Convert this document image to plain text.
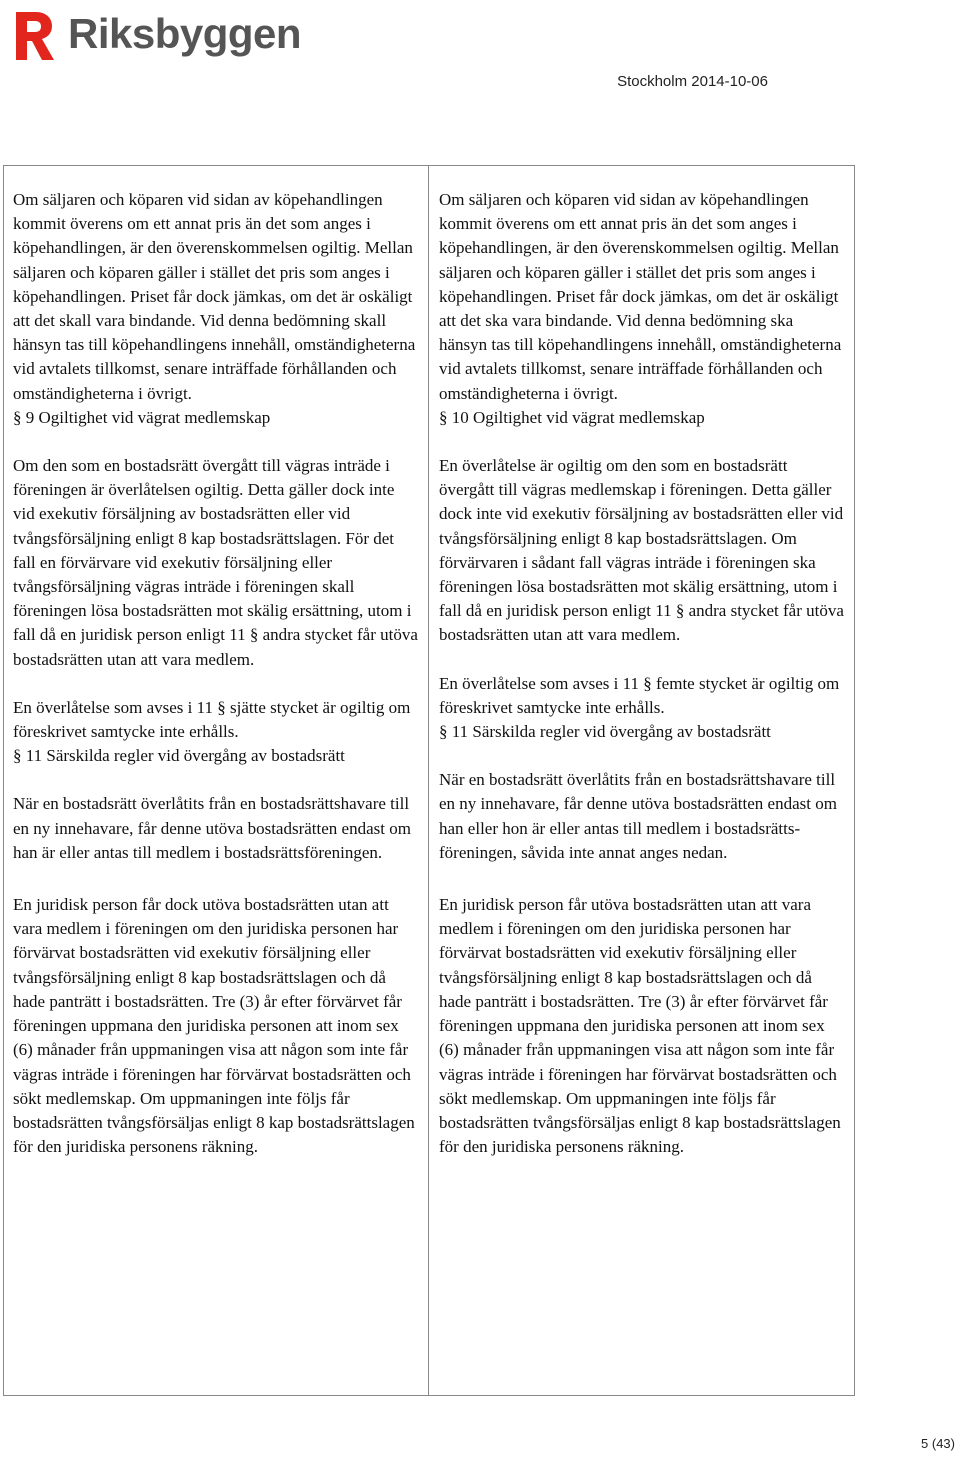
Riksbyggen
Stockholm 2014-10-06

Om säljaren och köparen vid sidan av köpehandlingen kommit överens om ett annat pris än det som anges i köpehandlingen, är den överenskommelsen ogiltig. Mellan säljaren och köparen gäller i stället det pris som anges i köpehandlingen. Priset får dock jämkas, om det är oskäligt att det skall vara bindande. Vid denna bedömning skall hänsyn tas till köpehandlingens innehåll, omständigheterna vid avtalets tillkomst, senare inträffade förhållanden och omständigheterna i övrigt.

§ 9 Ogiltighet vid vägrat medlemskap

Om den som en bostadsrätt övergått till vägras inträde i föreningen är överlåtelsen ogiltig. Detta gäller dock inte vid exekutiv försäljning av bostadsrätten eller vid tvångsförsäljning enligt 8 kap bostadsrättslagen. För det fall en förvärvare vid exekutiv försäljning eller tvångsförsäljning vägras inträde i föreningen skall föreningen lösa bostadsrätten mot skälig ersättning, utom i fall då en juridisk person enligt 11 § andra stycket får utöva bostadsrätten utan att vara medlem.

En överlåtelse som avses i 11 § sjätte stycket är ogiltig om föreskrivet samtycke inte erhålls.

§ 11 Särskilda regler vid övergång av bostadsrätt

När en bostadsrätt överlåtits från en bostadsrättshavare till en ny innehavare, får denne utöva bostadsrätten endast om han är eller antas till medlem i bostadsrättsföreningen.

En juridisk person får dock utöva bostadsrätten utan att vara medlem i föreningen om den juridiska personen har förvärvat bostadsrätten vid exekutiv försäljning eller tvångsförsäljning enligt 8 kap bostadsrättslagen och då hade panträtt i bostadsrätten. Tre (3) år efter förvärvet får föreningen uppmana den juridiska personen att inom sex (6) månader från uppmaningen visa att någon som inte får vägras inträde i föreningen har förvärvat bostadsrätten och sökt medlemskap. Om uppmaningen inte följs får bostadsrätten tvångsförsäljas enligt 8 kap bostadsrättslagen för den juridiska personens räkning.

Om säljaren och köparen vid sidan av köpehandlingen kommit överens om ett annat pris än det som anges i köpehandlingen, är den överenskommelsen ogiltig. Mellan säljaren och köparen gäller i stället det pris som anges i köpehandlingen. Priset får dock jämkas, om det är oskäligt att det ska vara bindande. Vid denna bedömning ska hänsyn tas till köpehandlingens innehåll, omständigheterna vid avtalets tillkomst, senare inträffade förhållanden och omständigheterna i övrigt.

§ 10 Ogiltighet vid vägrat medlemskap

En överlåtelse är ogiltig om den som en bostadsrätt övergått till vägras medlemskap i föreningen. Detta gäller dock inte vid exekutiv försäljning av bostadsrätten eller vid tvångsförsäljning enligt 8 kap bostadsrättslagen. Om förvärvaren i sådant fall vägras inträde i föreningen ska föreningen lösa bostadsrätten mot skälig ersättning, utom i fall då en juridisk person enligt 11 § andra stycket får utöva bostadsrätten utan att vara medlem.

En överlåtelse som avses i 11 § femte stycket är ogiltig om föreskrivet samtycke inte erhålls.

§ 11 Särskilda regler vid övergång av bostadsrätt

När en bostadsrätt överlåtits från en bostadsrättshavare till en ny innehavare, får denne utöva bostadsrätten endast om han eller hon är eller antas till medlem i bostadsrätts-föreningen, såvida inte annat anges nedan.

En juridisk person får utöva bostadsrätten utan att vara medlem i föreningen om den juridiska personen har förvärvat bostadsrätten vid exekutiv försäljning eller tvångsförsäljning enligt 8 kap bostadsrättslagen och då hade panträtt i bostadsrätten. Tre (3) år efter förvärvet får föreningen uppmana den juridiska personen att inom sex (6) månader från uppmaningen visa att någon som inte får vägras inträde i föreningen har förvärvat bostadsrätten och sökt medlemskap. Om uppmaningen inte följs får bostadsrätten tvångsförsäljas enligt 8 kap bostadsrättslagen för den juridiska personens räkning.

5 (43)
